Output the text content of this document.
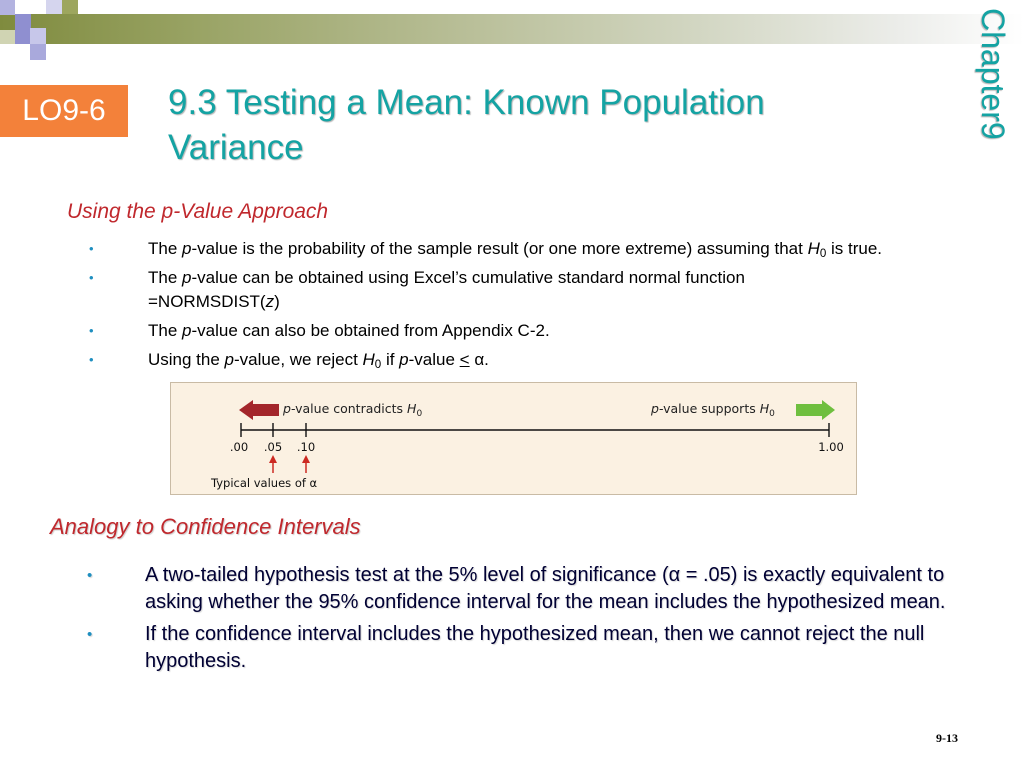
LO9-6	9.3 Testing a Mean: Known Population Variance
Chapter9
Using the p-Value Approach
•	The p-value is the probability of the sample result (or one more extreme) assuming that $H_0$ is true.
•	The p-value can be obtained using Excel’s cumulative standard normal function =NORMSDIST(z)
•	The p-value can also be obtained from Appendix C-2.
•	Using the p-value, we reject $H_0$ if p-value ≤ α.
p-value contradicts $H_0$	p-value supports $H_0$
.00 .05 .10	1.00
Typical values of α
Analogy to Confidence Intervals
•	A two-tailed hypothesis test at the 5% level of significance (α = .05) is exactly equivalent to asking whether the 95% confidence interval for the mean includes the hypothesized mean.
•	If the confidence interval includes the hypothesized mean, then we cannot reject the null hypothesis.
9-13
